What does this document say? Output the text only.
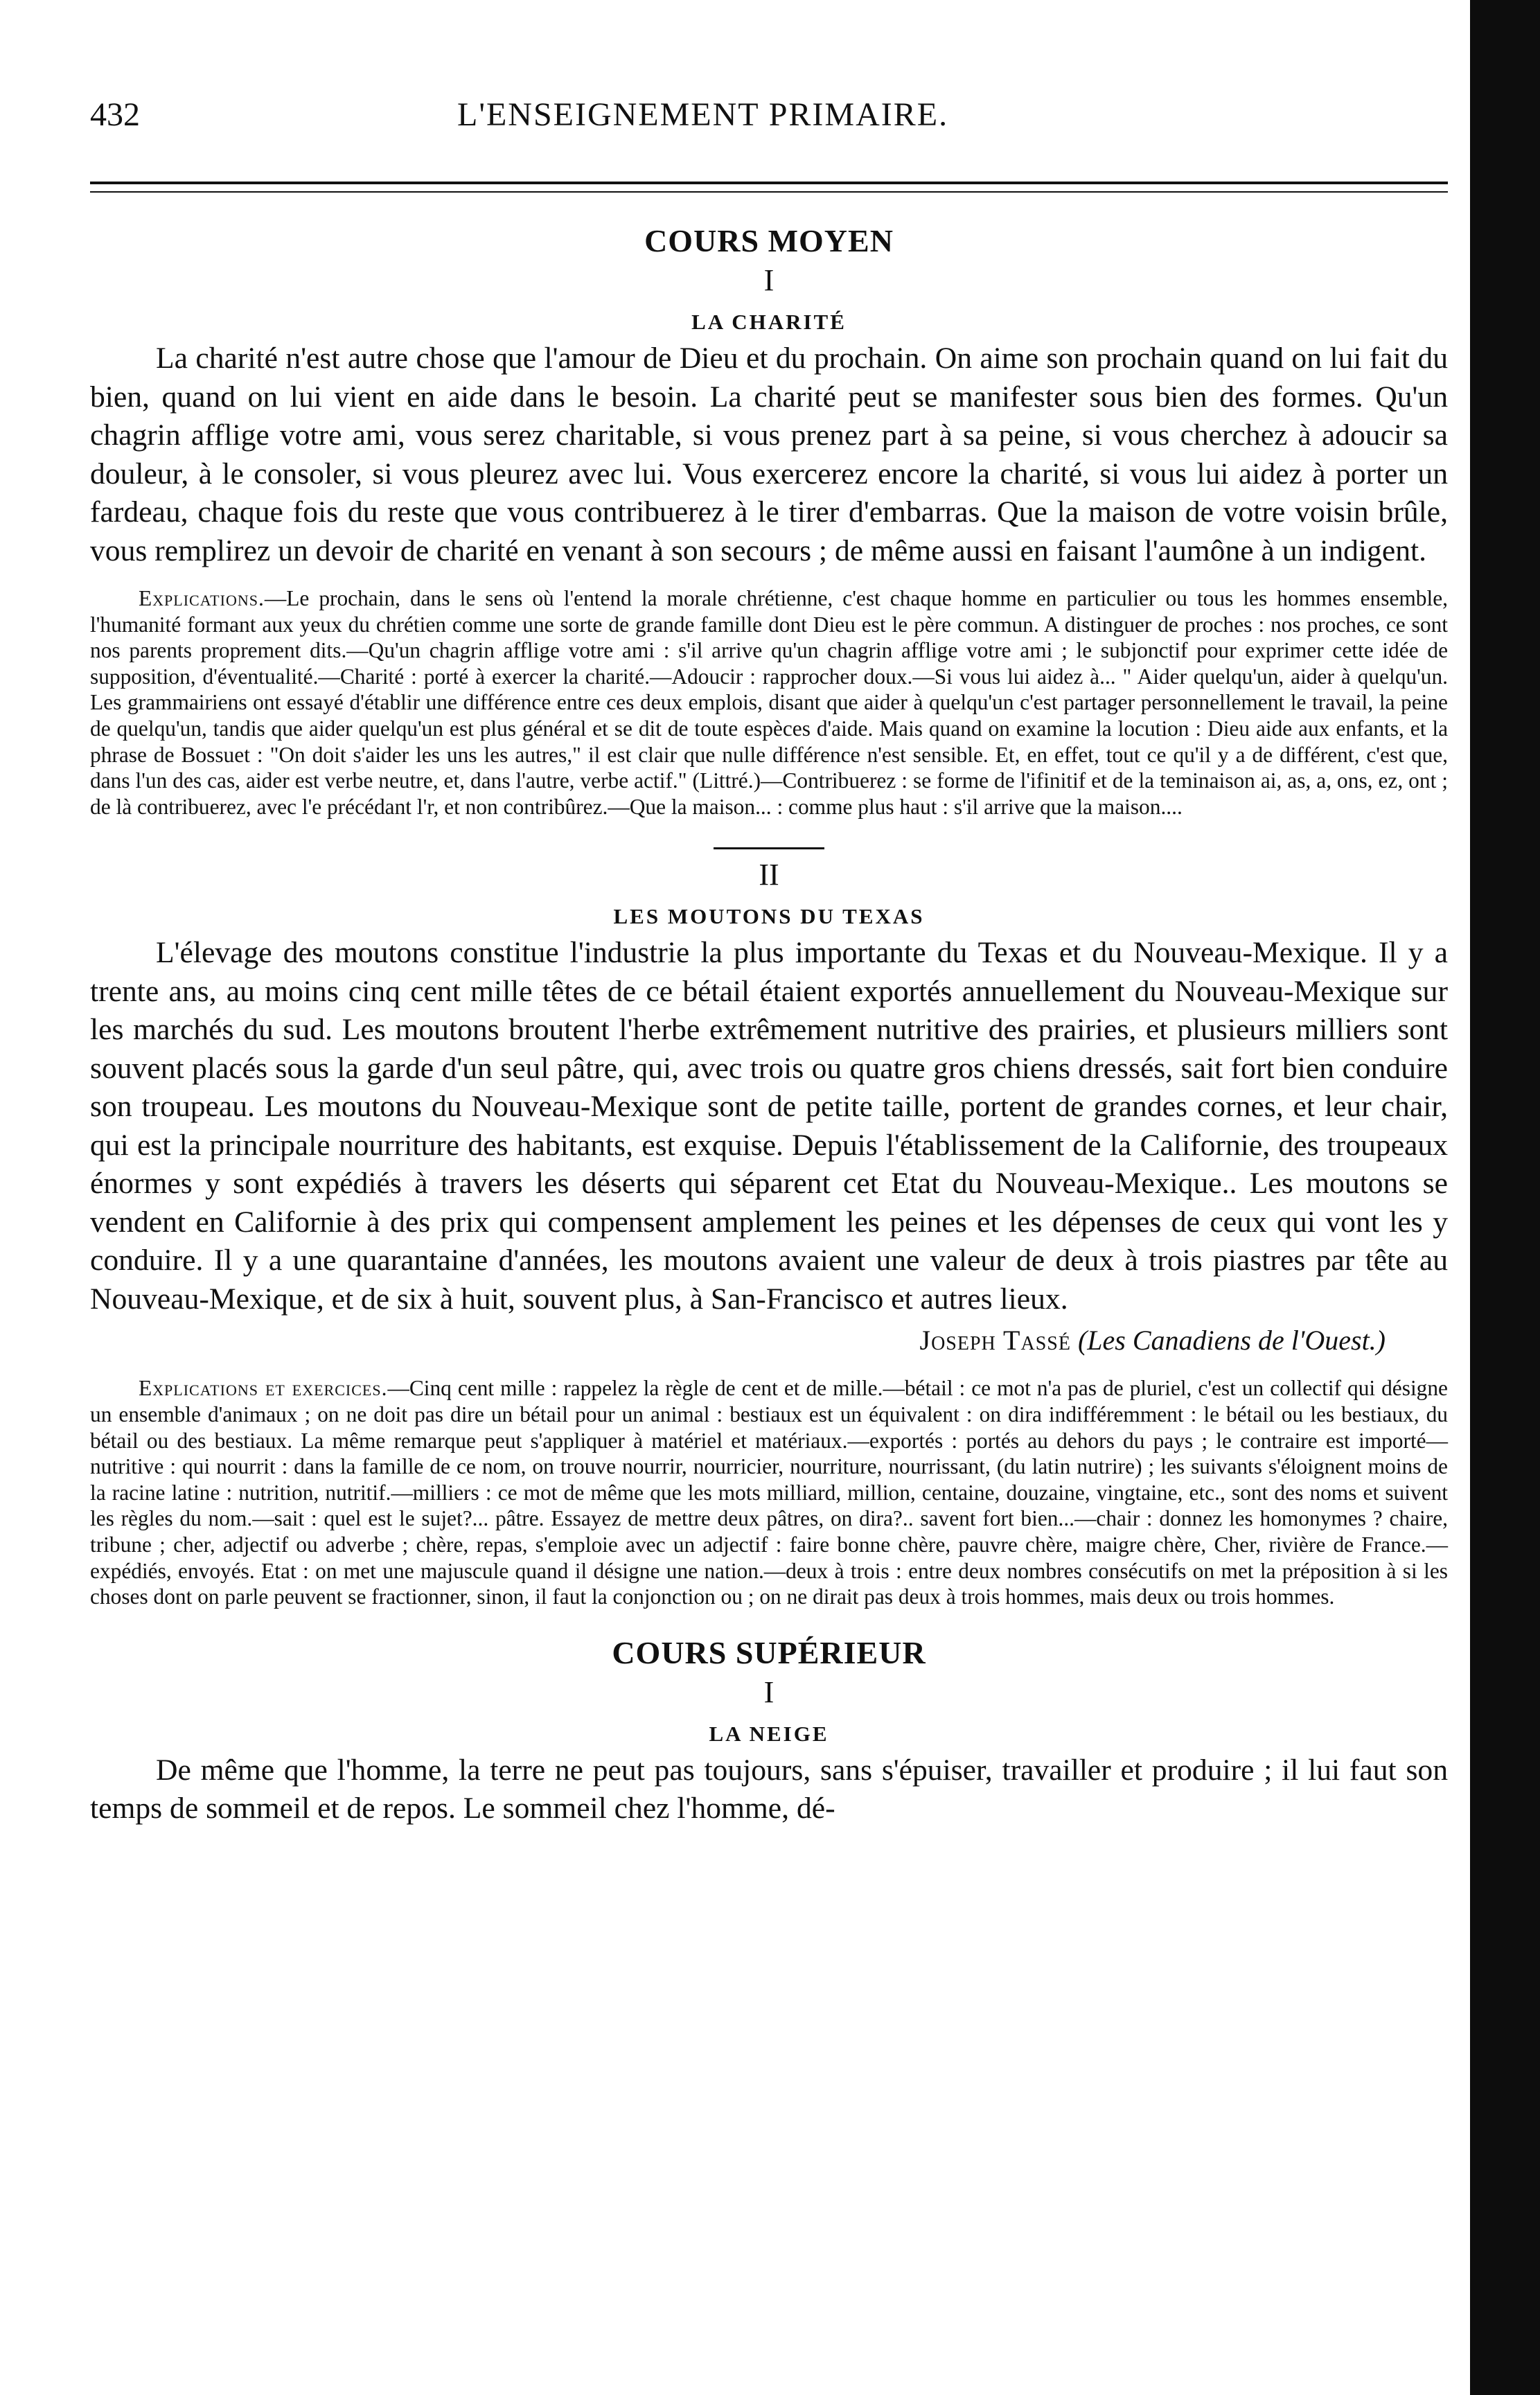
432	L'ENSEIGNEMENT PRIMAIRE.
COURS MOYEN
I
LA CHARITÉ

La charité n'est autre chose que l'amour de Dieu et du prochain. On aime son prochain quand on lui fait du bien, quand on lui vient en aide dans le besoin. La charité peut se manifester sous bien des formes. Qu'un chagrin afflige votre ami, vous serez charitable, si vous prenez part à sa peine, si vous cherchez à adoucir sa douleur, à le consoler, si vous pleurez avec lui. Vous exercerez encore la charité, si vous lui aidez à porter un fardeau, chaque fois du reste que vous contribuerez à le tirer d'embarras. Que la maison de votre voisin brûle, vous remplirez un devoir de charité en venant à son secours ; de même aussi en faisant l'aumône à un indigent.

Explications.—Le prochain, dans le sens où l'entend la morale chrétienne, c'est chaque homme en particulier ou tous les hommes ensemble, l'humanité formant aux yeux du chrétien comme une sorte de grande famille dont Dieu est le père commun. A distinguer de proches : nos proches, ce sont nos parents proprement dits.—Qu'un chagrin afflige votre ami : s'il arrive qu'un chagrin afflige votre ami ; le subjonctif pour exprimer cette idée de supposition, d'éventualité.—Charité : porté à exercer la charité.—Adoucir : rapprocher doux.—Si vous lui aidez à... " Aider quelqu'un, aider à quelqu'un. Les grammairiens ont essayé d'établir une différence entre ces deux emplois, disant que aider à quelqu'un c'est partager personnellement le travail, la peine de quelqu'un, tandis que aider quelqu'un est plus général et se dit de toute espèces d'aide. Mais quand on examine la locution : Dieu aide aux enfants, et la phrase de Bossuet : "On doit s'aider les uns les autres," il est clair que nulle différence n'est sensible. Et, en effet, tout ce qu'il y a de différent, c'est que, dans l'un des cas, aider est verbe neutre, et, dans l'autre, verbe actif." (Littré.)—Contribuerez : se forme de l'ifinitif et de la teminaison ai, as, a, ons, ez, ont ; de là contribuerez, avec l'e précédant l'r, et non contribûrez.—Que la maison... : comme plus haut : s'il arrive que la maison....

II
LES MOUTONS DU TEXAS

L'élevage des moutons constitue l'industrie la plus importante du Texas et du Nouveau-Mexique. Il y a trente ans, au moins cinq cent mille têtes de ce bétail étaient exportés annuellement du Nouveau-Mexique sur les marchés du sud. Les moutons broutent l'herbe extrêmement nutritive des prairies, et plusieurs milliers sont souvent placés sous la garde d'un seul pâtre, qui, avec trois ou quatre gros chiens dressés, sait fort bien conduire son troupeau. Les moutons du Nouveau-Mexique sont de petite taille, portent de grandes cornes, et leur chair, qui est la principale nourriture des habitants, est exquise. Depuis l'établissement de la Californie, des troupeaux énormes y sont expédiés à travers les déserts qui séparent cet Etat du Nouveau-Mexique.. Les moutons se vendent en Californie à des prix qui compensent amplement les peines et les dépenses de ceux qui vont les y conduire. Il y a une quarantaine d'années, les moutons avaient une valeur de deux à trois piastres par tête au Nouveau-Mexique, et de six à huit, souvent plus, à San-Francisco et autres lieux.

Joseph Tassé (Les Canadiens de l'Ouest.)

Explications et exercices.—Cinq cent mille : rappelez la règle de cent et de mille.—bétail : ce mot n'a pas de pluriel, c'est un collectif qui désigne un ensemble d'animaux ; on ne doit pas dire un bétail pour un animal : bestiaux est un équivalent : on dira indifféremment : le bétail ou les bestiaux, du bétail ou des bestiaux. La même remarque peut s'appliquer à matériel et matériaux.—exportés : portés au dehors du pays ; le contraire est importé—nutritive : qui nourrit : dans la famille de ce nom, on trouve nourrir, nourricier, nourriture, nourrissant, (du latin nutrire) ; les suivants s'éloignent moins de la racine latine : nutrition, nutritif.—milliers : ce mot de même que les mots milliard, million, centaine, douzaine, vingtaine, etc., sont des noms et suivent les règles du nom.—sait : quel est le sujet?... pâtre. Essayez de mettre deux pâtres, on dira?.. savent fort bien...—chair : donnez les homonymes ? chaire, tribune ; cher, adjectif ou adverbe ; chère, repas, s'emploie avec un adjectif : faire bonne chère, pauvre chère, maigre chère, Cher, rivière de France.—expédiés, envoyés. Etat : on met une majuscule quand il désigne une nation.—deux à trois : entre deux nombres consécutifs on met la préposition à si les choses dont on parle peuvent se fractionner, sinon, il faut la conjonction ou ; on ne dirait pas deux à trois hommes, mais deux ou trois hommes.

COURS SUPÉRIEUR
I
LA NEIGE

De même que l'homme, la terre ne peut pas toujours, sans s'épuiser, travailler et produire ; il lui faut son temps de sommeil et de repos. Le sommeil chez l'homme, dé-
